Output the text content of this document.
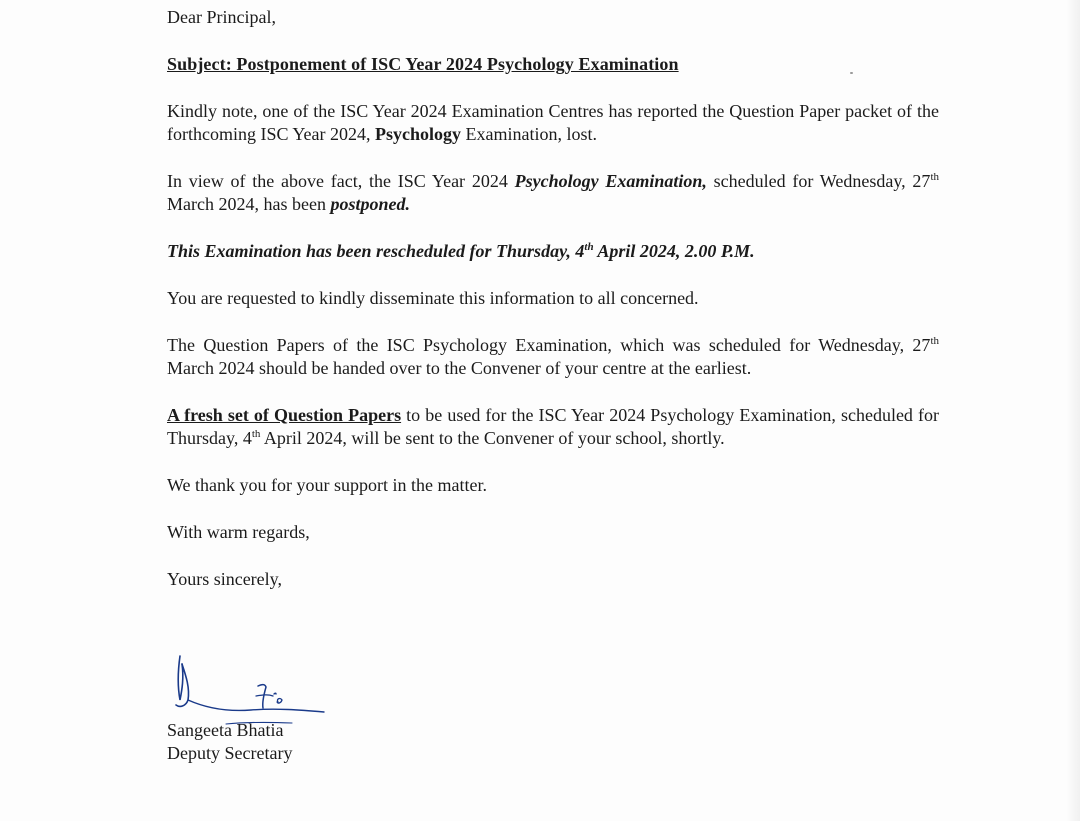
Dear Principal,

Subject: Postponement of ISC Year 2024 Psychology Examination

Kindly note, one of the ISC Year 2024 Examination Centres has reported the Question Paper packet of the forthcoming ISC Year 2024, Psychology Examination, lost.

In view of the above fact, the ISC Year 2024 Psychology Examination, scheduled for Wednesday, 27th March 2024, has been postponed.

This Examination has been rescheduled for Thursday, 4th April 2024, 2.00 P.M.

You are requested to kindly disseminate this information to all concerned.

The Question Papers of the ISC Psychology Examination, which was scheduled for Wednesday, 27th March 2024 should be handed over to the Convener of your centre at the earliest.

A fresh set of Question Papers to be used for the ISC Year 2024 Psychology Examination, scheduled for Thursday, 4th April 2024, will be sent to the Convener of your school, shortly.

We thank you for your support in the matter.

With warm regards,

Yours sincerely,

Sangeeta Bhatia
Deputy Secretary
